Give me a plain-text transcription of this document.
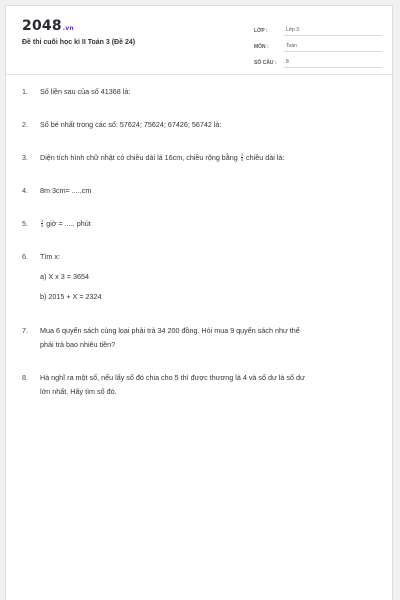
2048.vn
Đề thi cuối học kì II Toán 3 (Đề 24)
LỚP :	Lớp 3
MÔN :	Toán
SỐ CÂU :	8
1.	Số liền sau của số 41368 là:
2.	Số bé nhất trong các số: 57624; 75624; 67426; 56742 là:
3.	Diện tích hình chữ nhật có chiều dài là 16cm, chiều rộng bằng $\frac{1}{4}$ chiều dài là:
4.	8m 3cm= .....cm
5.	$\frac{1}{4}$ giờ = ..... phút
6.	Tìm x:
a) X x 3 = 3654
b) 2015 + X = 2324
7.	Mua 6 quyển sách cùng loại phải trả 34 200 đồng. Hỏi mua 9 quyển sách như thế
phải trả bao nhiêu tiền?
8.	Hà nghĩ ra một số, nếu lấy số đó chia cho 5 thì được thương là 4 và số dư là số dư
lớn nhất. Hãy tìm số đó.
